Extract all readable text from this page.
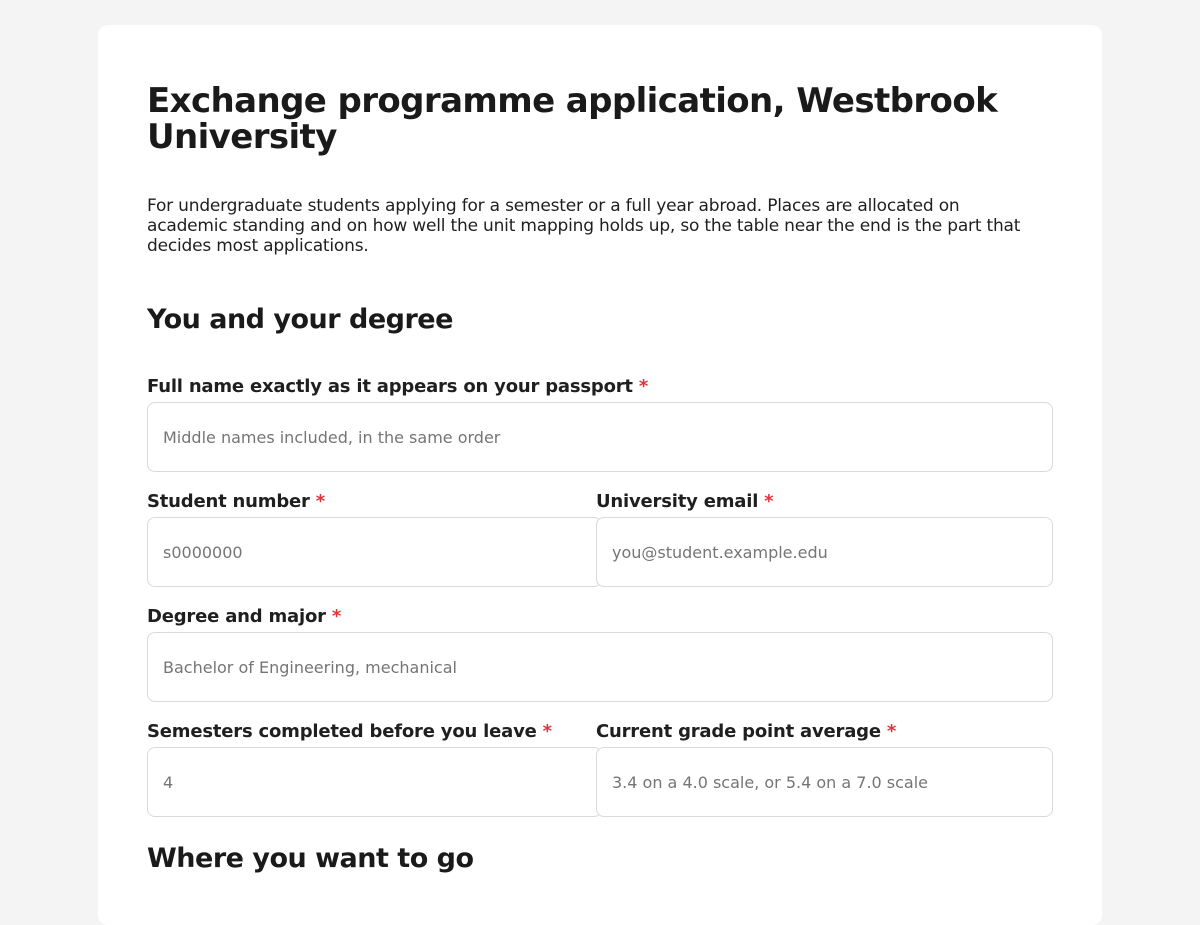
Exchange programme application, Westbrook University

For undergraduate students applying for a semester or a full year abroad. Places are allocated on academic standing and on how well the unit mapping holds up, so the table near the end is the part that decides most applications.

You and your degree
Full name exactly as it appears on your passport *
Middle names included, in the same order
Student number *
s0000000	University email *
you@student.example.edu
Degree and major *
Bachelor of Engineering, mechanical
Semesters completed before you leave *
4 Current grade point average *
3.4 on a 4.0 scale, or 5.4 on a 7.0 scale
Where you want to go
